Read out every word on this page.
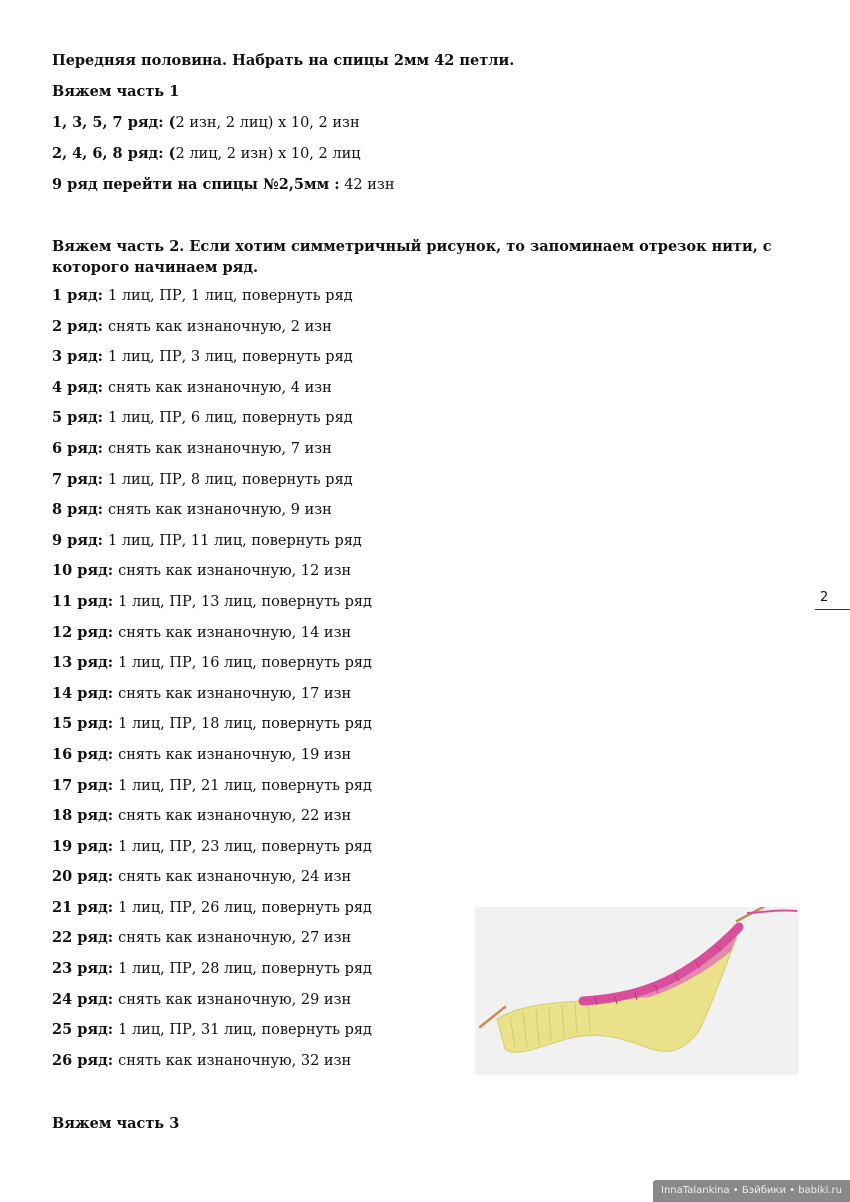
Передняя половина. Набрать на спицы 2мм 42 петли.
Вяжем часть 1
1, 3, 5, 7 ряд: (2 изн, 2 лиц) х 10, 2 изн
2, 4, 6, 8 ряд: (2 лиц, 2 изн) х 10, 2 лиц
9 ряд перейти на спицы №2,5мм : 42 изн
Вяжем часть 2. Если хотим симметричный рисунок, то запоминаем отрезок нити, с которого начинаем ряд.
1 ряд: 1 лиц, ПР, 1 лиц, повернуть ряд
2 ряд: снять как изнаночную, 2 изн
3 ряд: 1 лиц, ПР, 3 лиц, повернуть ряд
4 ряд: снять как изнаночную, 4 изн
5 ряд: 1 лиц, ПР, 6 лиц, повернуть ряд
6 ряд: снять как изнаночную, 7 изн
7 ряд: 1 лиц, ПР, 8 лиц, повернуть ряд
8 ряд: снять как изнаночную, 9 изн
9 ряд: 1 лиц, ПР, 11 лиц, повернуть ряд
10 ряд: снять как изнаночную, 12 изн
11 ряд: 1 лиц, ПР, 13 лиц, повернуть ряд
12 ряд: снять как изнаночную, 14 изн
13 ряд: 1 лиц, ПР, 16 лиц, повернуть ряд
14 ряд: снять как изнаночную, 17 изн
15 ряд: 1 лиц, ПР, 18 лиц, повернуть ряд
16 ряд: снять как изнаночную, 19 изн
17 ряд: 1 лиц, ПР, 21 лиц, повернуть ряд
18 ряд: снять как изнаночную, 22 изн
19 ряд: 1 лиц, ПР, 23 лиц, повернуть ряд
20 ряд: снять как изнаночную, 24 изн
21 ряд: 1 лиц, ПР, 26 лиц, повернуть ряд
22 ряд: снять как изнаночную, 27 изн
23 ряд: 1 лиц, ПР, 28 лиц, повернуть ряд
24 ряд: снять как изнаночную, 29 изн
25 ряд: 1 лиц, ПР, 31 лиц, повернуть ряд
26 ряд: снять как изнаночную, 32 изн
Вяжем часть 3
2
InnaTalankina • Бэйбики • babiki.ru
